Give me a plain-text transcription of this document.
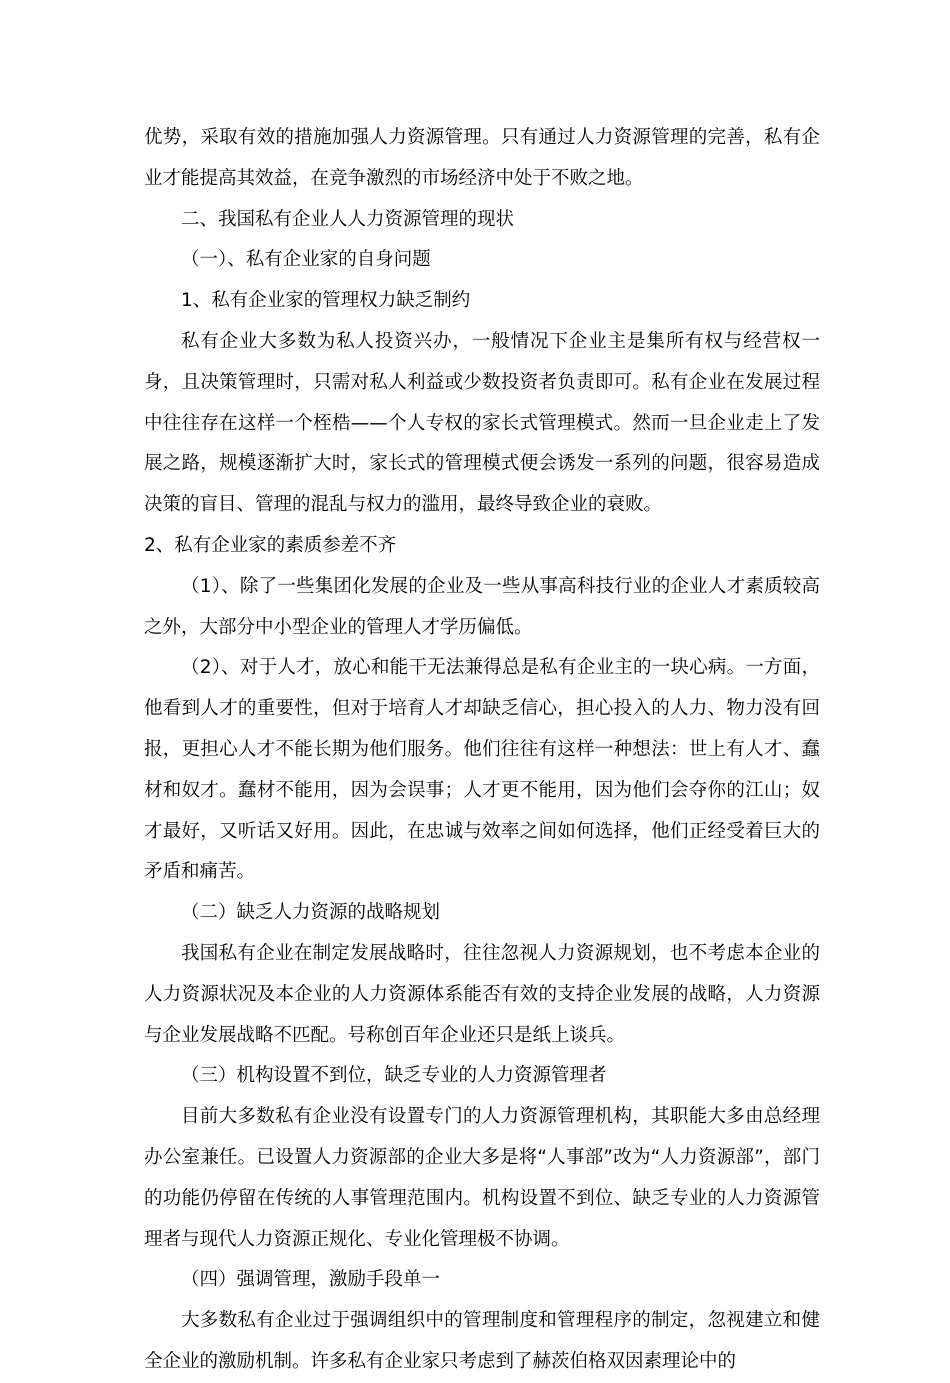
优势，采取有效的措施加强人力资源管理。只有通过人力资源管理的完善，私有企业才能提高其效益，在竞争激烈的市场经济中处于不败之地。

二、我国私有企业人人力资源管理的现状

（一）、私有企业家的自身问题

1、私有企业家的管理权力缺乏制约

私有企业大多数为私人投资兴办，一般情况下企业主是集所有权与经营权一身，且决策管理时，只需对私人利益或少数投资者负责即可。私有企业在发展过程中往往存在这样一个桎梏——个人专权的家长式管理模式。然而一旦企业走上了发展之路，规模逐渐扩大时，家长式的管理模式便会诱发一系列的问题，很容易造成决策的盲目、管理的混乱与权力的滥用，最终导致企业的衰败。

2、私有企业家的素质参差不齐

（1）、除了一些集团化发展的企业及一些从事高科技行业的企业人才素质较高之外，大部分中小型企业的管理人才学历偏低。

（2）、对于人才，放心和能干无法兼得总是私有企业主的一块心病。一方面，他看到人才的重要性，但对于培育人才却缺乏信心，担心投入的人力、物力没有回报，更担心人才不能长期为他们服务。他们往往有这样一种想法：世上有人才、蠢材和奴才。蠢材不能用，因为会误事；人才更不能用，因为他们会夺你的江山；奴才最好，又听话又好用。因此，在忠诚与效率之间如何选择，他们正经受着巨大的矛盾和痛苦。

（二）缺乏人力资源的战略规划

我国私有企业在制定发展战略时，往往忽视人力资源规划，也不考虑本企业的人力资源状况及本企业的人力资源体系能否有效的支持企业发展的战略，人力资源与企业发展战略不匹配。号称创百年企业还只是纸上谈兵。

（三）机构设置不到位，缺乏专业的人力资源管理者

目前大多数私有企业没有设置专门的人力资源管理机构，其职能大多由总经理办公室兼任。已设置人力资源部的企业大多是将“人事部”改为“人力资源部”，部门的功能仍停留在传统的人事管理范围内。机构设置不到位、缺乏专业的人力资源管理者与现代人力资源正规化、专业化管理极不协调。

（四）强调管理，激励手段单一

大多数私有企业过于强调组织中的管理制度和管理程序的制定，忽视建立和健全企业的激励机制。许多私有企业家只考虑到了赫茨伯格双因素理论中的
